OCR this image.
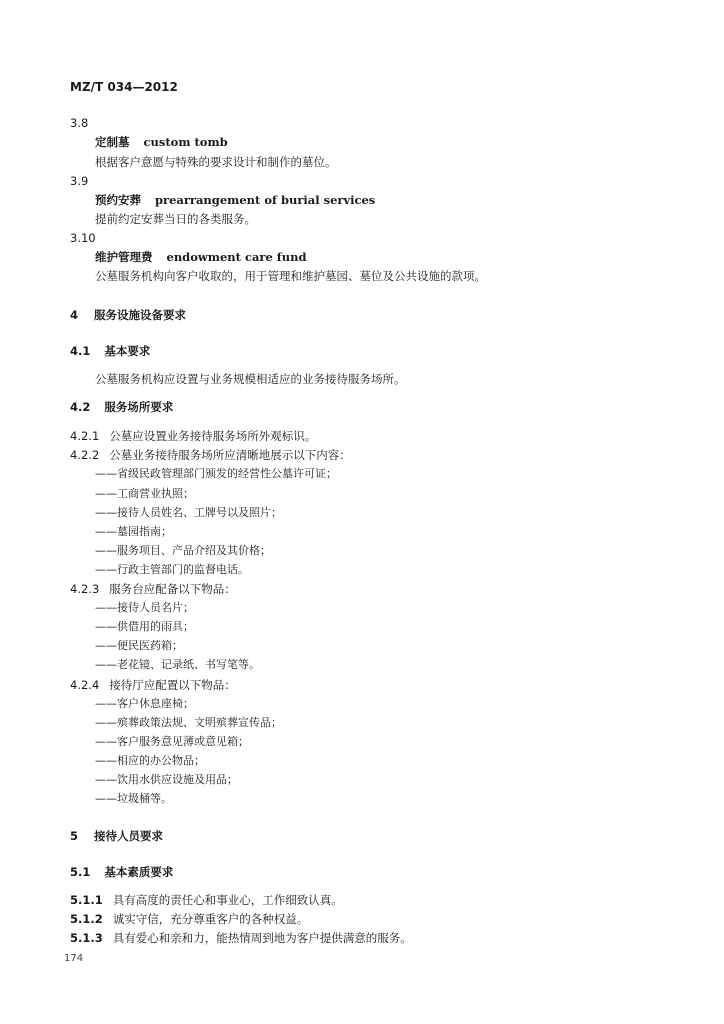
MZ/T 034—2012
3.8
定制墓 custom tomb
根据客户意愿与特殊的要求设计和制作的墓位。
3.9
预约安葬 prearrangement of burial services
提前约定安葬当日的各类服务。
3.10
维护管理费 endowment care fund
公墓服务机构向客户收取的，用于管理和维护墓园、墓位及公共设施的款项。
4 服务设施设备要求
4.1 基本要求
公墓服务机构应设置与业务规模相适应的业务接待服务场所。
4.2 服务场所要求
4.2.1 公墓应设置业务接待服务场所外观标识。
4.2.2 公墓业务接待服务场所应清晰地展示以下内容：
——省级民政管理部门颁发的经营性公墓许可证；
——工商营业执照；
——接待人员姓名、工牌号以及照片；
——墓园指南；
——服务项目、产品介绍及其价格；
——行政主管部门的监督电话。
4.2.3 服务台应配备以下物品：
——接待人员名片；
——供借用的雨具；
——便民医药箱；
——老花镜、记录纸、书写笔等。
4.2.4 接待厅应配置以下物品：
——客户休息座椅；
——殡葬政策法规、文明殡葬宣传品；
——客户服务意见薄或意见箱；
——相应的办公物品；
——饮用水供应设施及用品；
——垃圾桶等。
5 接待人员要求
5.1 基本素质要求
5.1.1 具有高度的责任心和事业心，工作细致认真。
5.1.2 诚实守信，充分尊重客户的各种权益。
5.1.3 具有爱心和亲和力，能热情周到地为客户提供满意的服务。
174
